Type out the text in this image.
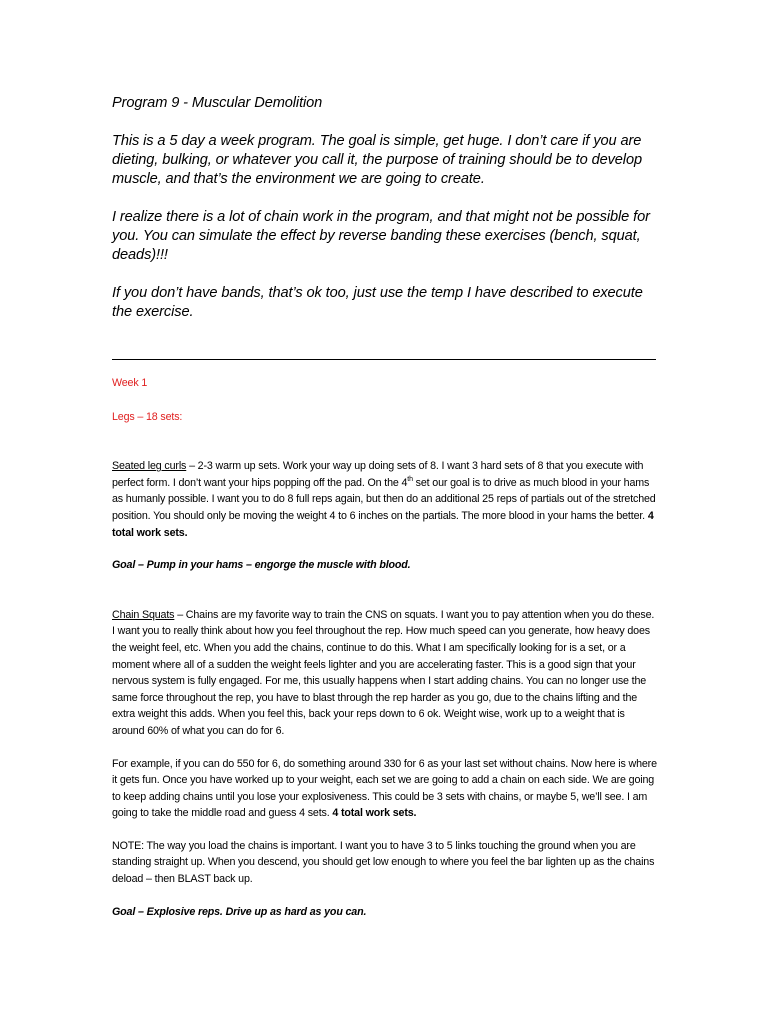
Program 9 - Muscular Demolition

This is a 5 day a week program. The goal is simple, get huge. I don’t care if you are dieting, bulking, or whatever you call it, the purpose of training should be to develop muscle, and that’s the environment we are going to create.

I realize there is a lot of chain work in the program, and that might not be possible for you. You can simulate the effect by reverse banding these exercises (bench, squat, deads)!!!

If you don’t have bands, that’s ok too, just use the temp I have described to execute the exercise.

Week 1

Legs – 18 sets:

Seated leg curls – 2-3 warm up sets. Work your way up doing sets of 8. I want 3 hard sets of 8 that you execute with perfect form. I don’t want your hips popping off the pad. On the 4th set our goal is to drive as much blood in your hams as humanly possible. I want you to do 8 full reps again, but then do an additional 25 reps of partials out of the stretched position. You should only be moving the weight 4 to 6 inches on the partials. The more blood in your hams the better. 4 total work sets.

Goal – Pump in your hams – engorge the muscle with blood.

Chain Squats – Chains are my favorite way to train the CNS on squats. I want you to pay attention when you do these. I want you to really think about how you feel throughout the rep. How much speed can you generate, how heavy does the weight feel, etc. When you add the chains, continue to do this. What I am specifically looking for is a set, or a moment where all of a sudden the weight feels lighter and you are accelerating faster. This is a good sign that your nervous system is fully engaged. For me, this usually happens when I start adding chains. You can no longer use the same force throughout the rep, you have to blast through the rep harder as you go, due to the chains lifting and the extra weight this adds. When you feel this, back your reps down to 6 ok. Weight wise, work up to a weight that is around 60% of what you can do for 6.

For example, if you can do 550 for 6, do something around 330 for 6 as your last set without chains. Now here is where it gets fun. Once you have worked up to your weight, each set we are going to add a chain on each side. We are going to keep adding chains until you lose your explosiveness. This could be 3 sets with chains, or maybe 5, we’ll see. I am going to take the middle road and guess 4 sets. 4 total work sets.

NOTE: The way you load the chains is important. I want you to have 3 to 5 links touching the ground when you are standing straight up. When you descend, you should get low enough to where you feel the bar lighten up as the chains deload – then BLAST back up.

Goal – Explosive reps. Drive up as hard as you can.
